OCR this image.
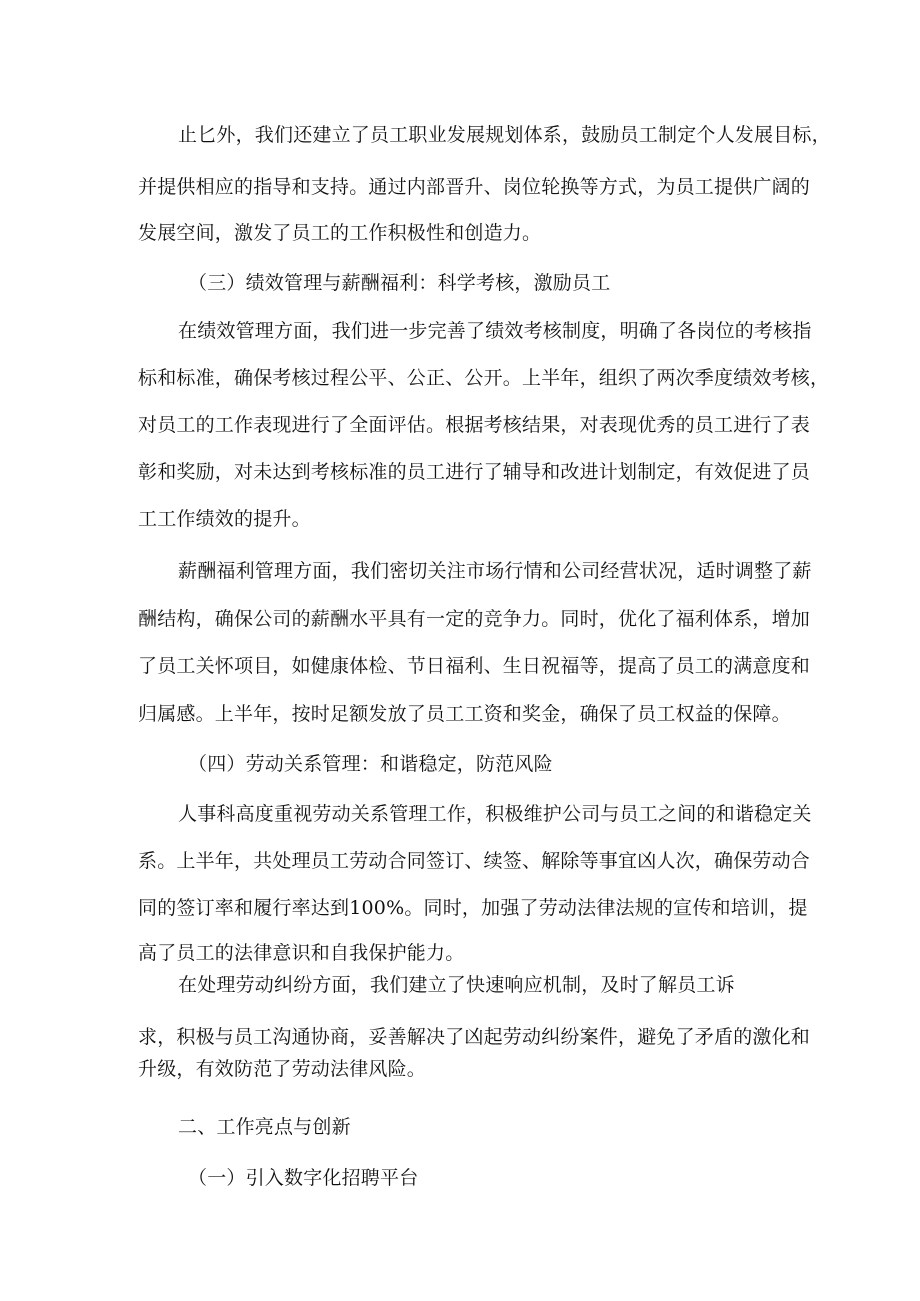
止匕外，我们还建立了员工职业发展规划体系，鼓励员工制定个人发展目标，
并提供相应的指导和支持。通过内部晋升、岗位轮换等方式，为员工提供广阔的
发展空间，激发了员工的工作积极性和创造力。
（三）绩效管理与薪酬福利：科学考核，激励员工
在绩效管理方面，我们进一步完善了绩效考核制度，明确了各岗位的考核指
标和标准，确保考核过程公平、公正、公开。上半年，组织了两次季度绩效考核，
对员工的工作表现进行了全面评估。根据考核结果，对表现优秀的员工进行了表
彰和奖励，对未达到考核标准的员工进行了辅导和改进计划制定，有效促进了员
工工作绩效的提升。
薪酬福利管理方面，我们密切关注市场行情和公司经营状况，适时调整了薪
酬结构，确保公司的薪酬水平具有一定的竞争力。同时，优化了福利体系，增加
了员工关怀项目，如健康体检、节日福利、生日祝福等，提高了员工的满意度和
归属感。上半年，按时足额发放了员工工资和奖金，确保了员工权益的保障。
（四）劳动关系管理：和谐稳定，防范风险
人事科高度重视劳动关系管理工作，积极维护公司与员工之间的和谐稳定关
系。上半年，共处理员工劳动合同签订、续签、解除等事宜凶人次，确保劳动合
同的签订率和履行率达到100%。同时，加强了劳动法律法规的宣传和培训，提
高了员工的法律意识和自我保护能力。
在处理劳动纠纷方面，我们建立了快速响应机制，及时了解员工诉
求，积极与员工沟通协商，妥善解决了凶起劳动纠纷案件，避免了矛盾的激化和
升级，有效防范了劳动法律风险。
二、工作亮点与创新
（一）引入数字化招聘平台
